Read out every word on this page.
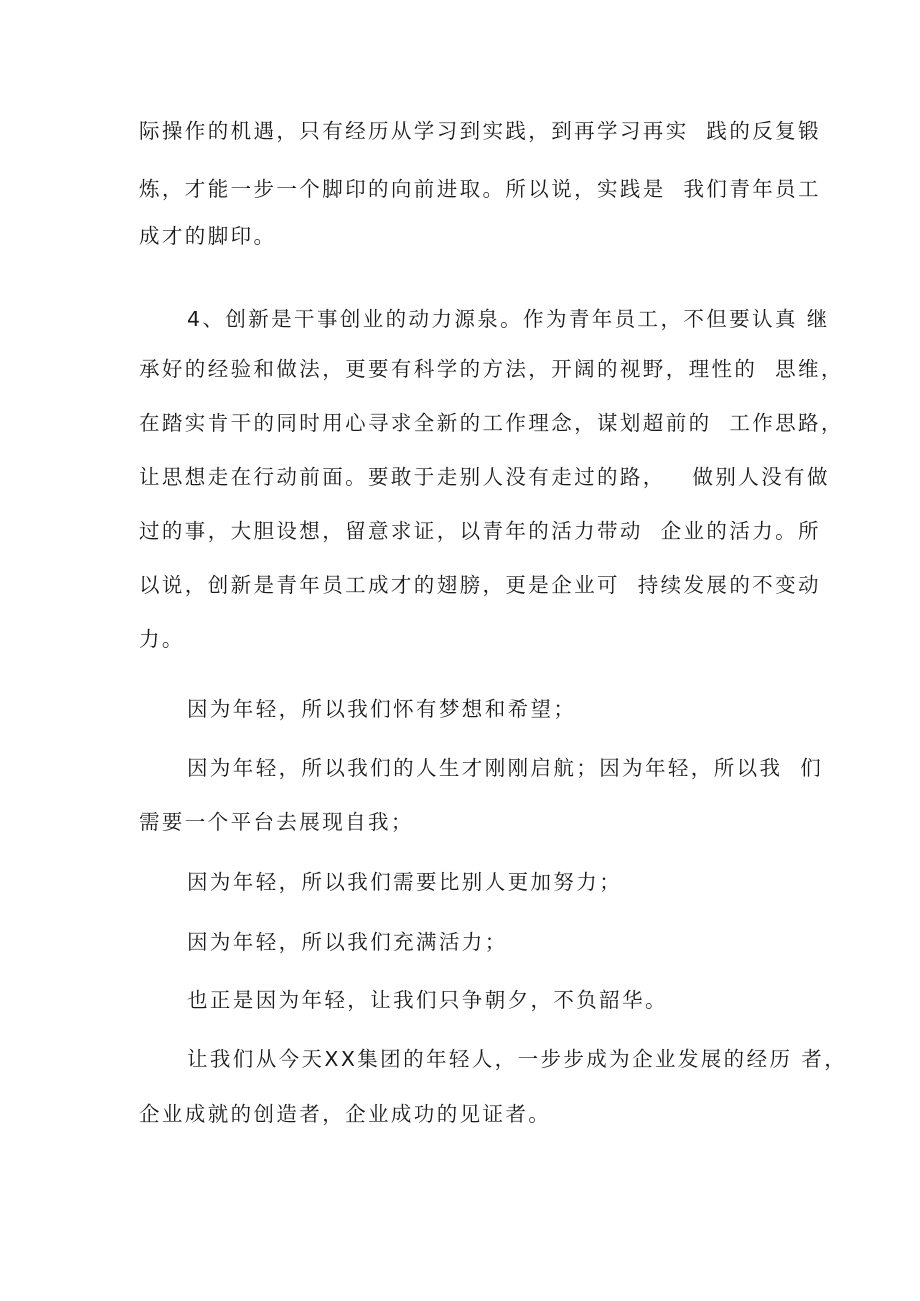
际操作的机遇，只有经历从学习到实践，到再学习再实  践的反复锻
炼，才能一步一个脚印的向前进取。所以说，实践是  我们青年员工
成才的脚印。
4、创新是干事创业的动力源泉。作为青年员工，不但要认真 继
承好的经验和做法，更要有科学的方法，开阔的视野，理性的  思维，
在踏实肯干的同时用心寻求全新的工作理念，谋划超前的  工作思路，
让思想走在行动前面。要敢于走别人没有走过的路，   做别人没有做
过的事，大胆设想，留意求证，以青年的活力带动  企业的活力。所
以说，创新是青年员工成才的翅膀，更是企业可  持续发展的不变动
力。
因为年轻，所以我们怀有梦想和希望；
因为年轻，所以我们的人生才刚刚启航；因为年轻，所以我  们
需要一个平台去展现自我；
因为年轻，所以我们需要比别人更加努力；
因为年轻，所以我们充满活力；
也正是因为年轻，让我们只争朝夕，不负韶华。
让我们从今天XX集团的年轻人，一步步成为企业发展的经历 者，
企业成就的创造者，企业成功的见证者。
